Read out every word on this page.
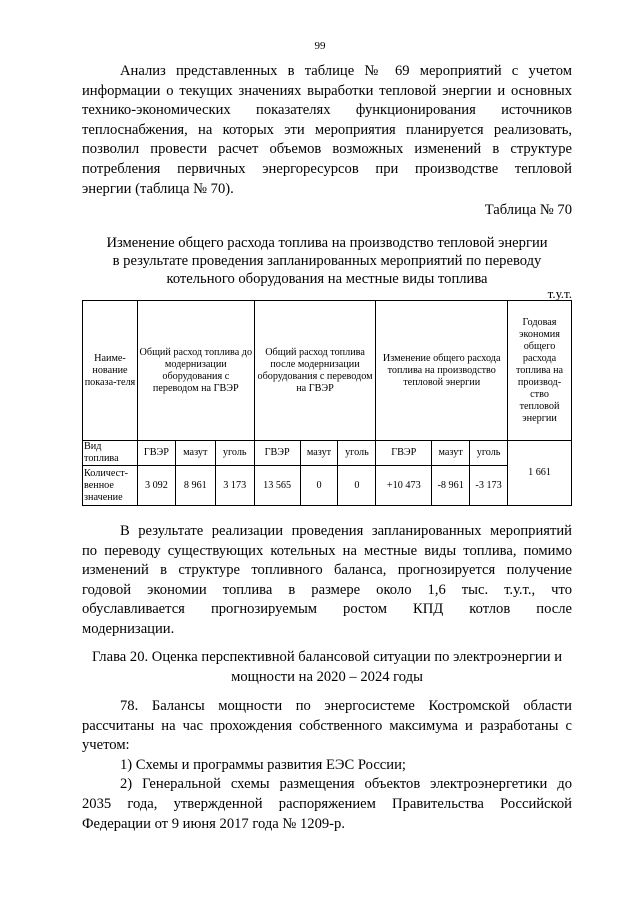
99
Анализ представленных в таблице № 69 мероприятий с учетом
информации о текущих значениях выработки тепловой энергии и основных
технико-экономических показателях функционирования источников
теплоснабжения, на которых эти мероприятия планируется реализовать,
позволил провести расчет объемов возможных изменений в структуре
потребления первичных энергоресурсов при производстве тепловой
энергии (таблица № 70).
Таблица № 70
Изменение общего расхода топлива на производство тепловой энергии
в результате проведения запланированных мероприятий по переводу
котельного оборудования на местные виды топлива
т.у.т.
Наиме-нование показа-теля	Общий расход топлива до модернизации оборудования с переводом на ГВЭР			Общий расход топлива после модернизации оборудования с переводом на ГВЭР			Изменение общего расхода топлива на производство тепловой энергии			Годовая экономия общего расхода топлива на производ-ство тепловой энергии
Вид топлива	ГВЭР	мазут	уголь	ГВЭР	мазут	уголь	ГВЭР	мазут	уголь	1 661
Количест-венное значение	3 092	8 961	3 173	13 565	0	0	+10 473	-8 961	-3 173	
В результате реализации проведения запланированных мероприятий
по переводу существующих котельных на местные виды топлива, помимо
изменений в структуре топливного баланса, прогнозируется получение
годовой экономии топлива в размере около 1,6 тыс. т.у.т., что
обуславливается прогнозируемым ростом КПД котлов после
модернизации.
Глава 20. Оценка перспективной балансовой ситуации по электроэнергии и
мощности на 2020 – 2024 годы
78. Балансы мощности по энергосистеме Костромской области
рассчитаны на час прохождения собственного максимума и разработаны с
учетом:
1) Схемы и программы развития ЕЭС России;
2) Генеральной схемы размещения объектов электроэнергетики до
2035 года, утвержденной распоряжением Правительства Российской
Федерации от 9 июня 2017 года № 1209-р.
